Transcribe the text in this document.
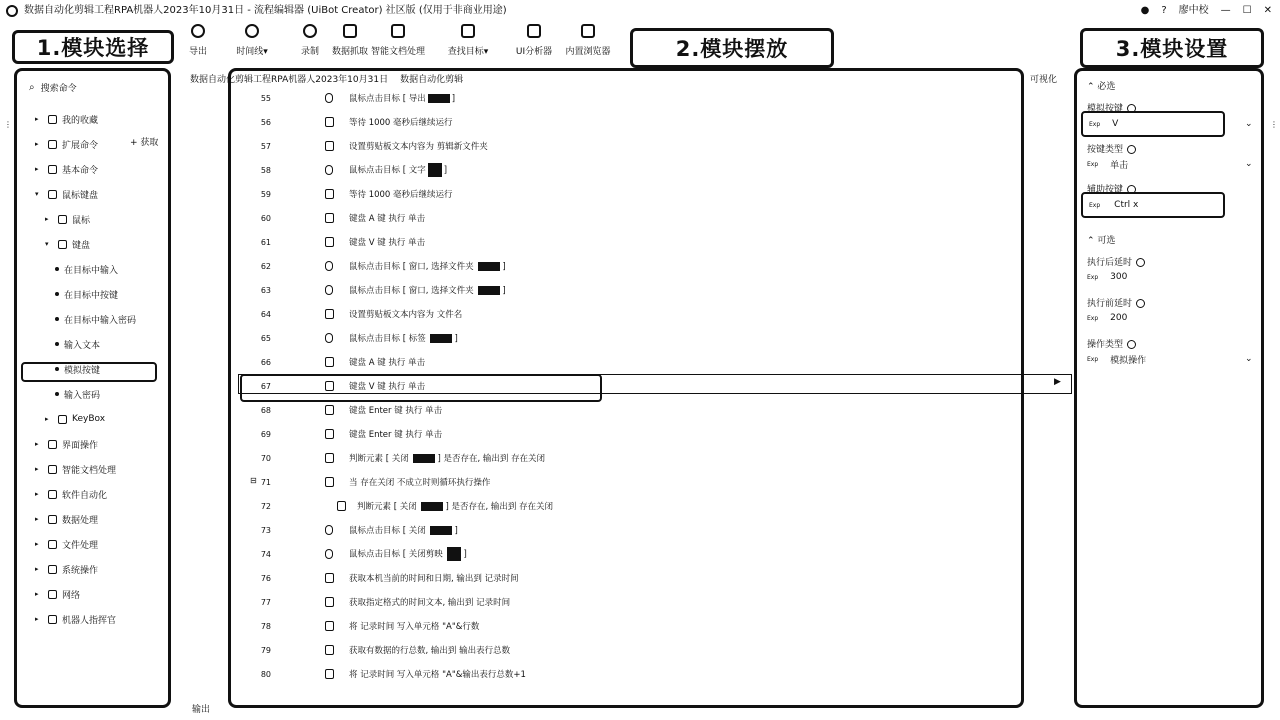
数据自动化剪辑工程RPA机器人2023年10月31日 - 流程编辑器 (UiBot Creator) 社区版 (仅用于非商业用途)	● ? 廖中校 — ☐ ✕
导出	时间线▾	录制 数据抓取 智能文档处理	查找目标▾	UI分析器 内置浏览器
1.模块选择	2.模块摆放	3.模块设置
⌕ 搜索命令
▸	我的收藏
▸	扩展命令
▸	基本命令
▾	鼠标键盘
▸	鼠标
▾	键盘
在目标中输入
在目标中按键
在目标中输入密码
输入文本
模拟按键
输入密码
▸	KeyBox
▸	界面操作
▸	智能文档处理
▸	软件自动化
▸	数据处理
▸	文件处理
▸	系统操作
▸	网络
▸	机器人指挥官
+ 获取
⋮
输出
数据自动化剪辑工程RPA机器人2023年10月31日 数据自动化剪辑	可视化
55	鼠标点击目标 [ 导出	]
56	等待 1000 毫秒后继续运行
57	设置剪贴板文本内容为 剪辑新文件夹
58	鼠标点击目标 [ 文字 ]
59	等待 1000 毫秒后继续运行
60	键盘 A 键 执行 单击
61	键盘 V 键 执行 单击
62	鼠标点击目标 [ 窗口, 选择文件夹	]
63	鼠标点击目标 [ 窗口, 选择文件夹	]
64	设置剪贴板文本内容为 文件名
65	鼠标点击目标 [ 标签	]
66	键盘 A 键 执行 单击
67	键盘 V 键 执行 单击
68	键盘 Enter 键 执行 单击
69	键盘 Enter 键 执行 单击
70	判断元素 [ 关闭	] 是否存在, 输出到 存在关闭
71	当 存在关闭 不成立时则循环执行操作
72	判断元素 [ 关闭	] 是否存在, 输出到 存在关闭
73	鼠标点击目标 [ 关闭	]
74	鼠标点击目标 [ 关闭剪映 ]
76	获取本机当前的时间和日期, 输出到 记录时间
77	获取指定格式的时间文本, 输出到 记录时间
78	将 记录时间 写入单元格 "A"&行数
79	获取有数据的行总数, 输出到 输出表行总数
80	将 记录时间 写入单元格 "A"&输出表行总数+1
▶
⊟
⌃ 必选
模拟按键
Exp V	⌄
按键类型
Exp 单击	⌄
辅助按键
Exp Ctrl x
⌃ 可选
执行后延时
Exp 300
执行前延时
Exp 200
操作类型
Exp 模拟操作	⌄
⋮
